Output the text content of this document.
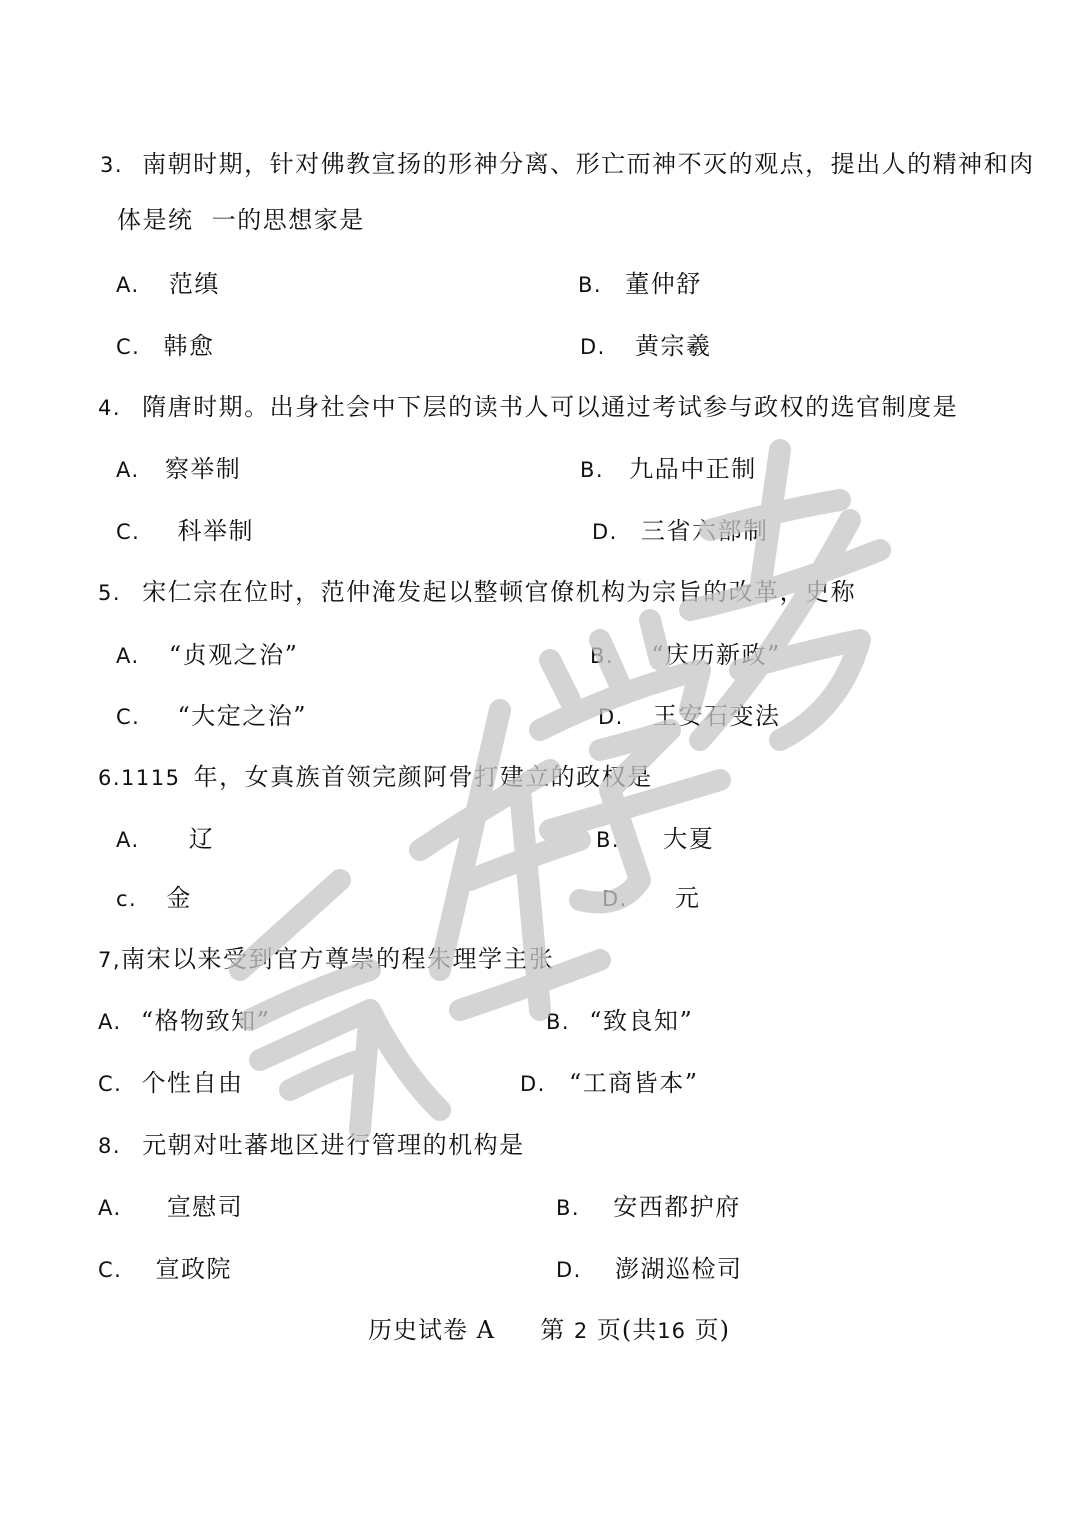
3. 南朝时期，针对佛教宣扬的形神分离、形亡而神不灭的观点，提出人的精神和肉
体是统  一的思想家是
A. 范缜	B. 董仲舒
C. 韩愈	D. 黄宗羲
4. 隋唐时期。出身社会中下层的读书人可以通过考试参与政权的选官制度是
A. 察举制	B. 九品中正制
C. 科举制	D. 三省六部制
5. 宋仁宗在位时，范仲淹发起以整顿官僚机构为宗旨的改革，史称
A. “贞观之治”	B. “庆历新政”
C. “大定之治”	D. 王安石变法
6.1115 年，女真族首领完颜阿骨打建立的政权是
A. 辽	B. 大夏
c. 金	D. 元
7,南宋以来受到官方尊崇的程朱理学主张
A. “格物致知”	B. “致良知”
C. 个性自由	D. “工商皆本”
8. 元朝对吐蕃地区进行管理的机构是
A. 宣慰司	B. 安西都护府
C. 宣政院	D. 澎湖巡检司
历史试卷 A 第 2 页(共16 页)
